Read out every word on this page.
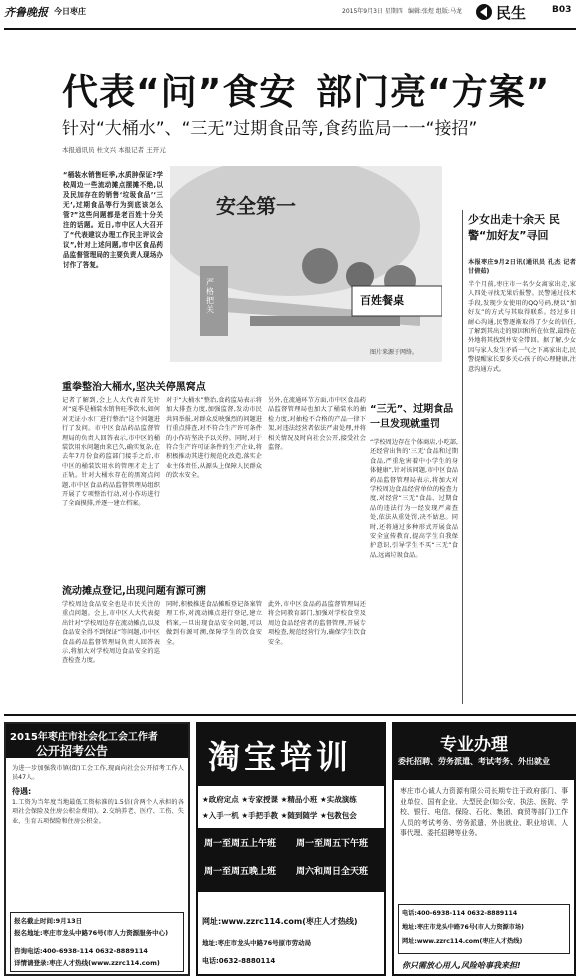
齐鲁晚报 今日枣庄	2015年9月3日 星期四 编辑:张煜 组版:马龙 民生	B03
代表“问”食安 部门亮“方案”
针对“大桶水”、“三无”过期食品等,食药监局一一“接招”
本报通讯员 杜文兴 本报记者 王开元
“桶装水销售旺季,水质肿保证?学校周边一些流动摊点摆摊不绝,以及民加存在的销售‘垃圾食品’‘三无’,过期食品等行为到底该怎么管?”这些问题都是老百姓十分关注的话题。近日,市中区人大召开了“代表建议办理工作民主评议会议”,针对上述问题,市中区食品药品监督管理局的主要负责人现场办讨作了答复。
安全第一
百姓餐桌
严格把关
图片来源于网络。
重拳整治大桶水,坚决关停黑窝点
记者了解到,会上人大代表首先针对“夏季是桶装水销售旺季饮水,如何对无证小水厂进行整治”这个问题进行了发问。市中区食品药品监督管理局的负责人回答表示,市中区的桶装饮用水问题由来已久,确实复杂,在去年7月份食药监部门接手之后,市中区的桶装饮用水的管理才走上了正轨。针对大桶水存在的黑窝点问题,市中区食品药品监督管理局组织开展了专项整治行动,对小作坊进行了全面摸排,并逐一建立档案。
对于“大桶水”整治,食药监局表示将加大排查力度,加强监督,发动市民共同举报,对群众反映强烈的问题进行重点排查,对不符合生产许可条件的小作坊坚决予以关停。同时,对于符合生产许可证条件的生产企业,将积极推动其进行规范化改造,落实企业主体责任,从源头上保障人民群众的饮水安全。
另外,在流通环节方面,市中区食品药品监督管理局也加大了桶装水的抽检力度,对抽检不合格的产品一律下架,对违法经营者依法严肃处理,并将相关情况及时向社会公开,接受社会监督。
流动摊点登记,出现问题有源可溯
学校周边食品安全也是市民关注的重点问题。会上,市中区人大代表提出针对“学校周边存在流动摊点,以及食品安全得不到保证”等问题,市中区食品药品监督管理局负责人回答表示,将加大对学校周边食品安全的巡查检查力度。
同时,积极推进食品摊贩登记备案管理工作,对流动摊点进行登记,建立档案,一旦出现食品安全问题,可以做到有源可溯,保障学生的饮食安全。
此外,市中区食品药品监督管理局还将会同教育部门,加强对学校食堂及周边食品经营者的监督管理,开展专项检查,规范经营行为,确保学生饮食安全。
“三无”、过期食品一旦发现就重罚
“学校周边存在个体商店,小吃部,还经营出售的‘三无’食品和过期食品,严重危害着中小学生的身体健康”,针对该问题,市中区食品药品监督管理局表示,将加大对学校周边食品经营单位的检查力度,对经营“三无”食品、过期食品的违法行为一经发现严肃查处,依法从重处罚,决不姑息。同时,还将通过多种形式开展食品安全宣传教育,提高学生自我保护意识,引导学生不买“三无”食品,远离垃圾食品。
少女出走十余天 民警“加好友”寻回
本报枣庄9月2日讯(通讯员 孔杰 记者 甘倩茹)
半个月前,枣庄市一名少女离家出走,家人四处寻找无果后报警。民警通过技术手段,发现少女使用的QQ号码,便以“加好友”的方式与其取得联系。经过多日耐心沟通,民警逐渐取得了少女的信任,了解到其出走的原因和所在位置,最终在外地将其找到并安全带回。据了解,少女因与家人发生矛盾一气之下离家出走,民警提醒家长要多关心孩子的心理健康,注意沟通方式。
2015年枣庄市社会化工会工作者
公开招考公告
为进一步加强我市镇(街)工会工作,现面向社会公开招考工作人员47人。
待遇:
1.工资为当年度当地最低工资标准的1.5倍(含两个人承担的各项社会保险及住房公积金费用)。2.交纳养老、医疗、工伤、失业、生育五项保险和住房公积金。
报名截止时间:9月13日
报名地址:枣庄市龙头中路76号(市人力资源服务中心)
咨询电话:400-6938-114 0632-8889114
详情请登录:枣庄人才热线(www.zzrc114.com)
淘宝培训
★政府定点 ★专家授课 ★精品小班 ★实战演练
★入手一机 ★手把手教 ★随到随学 ★包教包会
周一至周五上午班 周一至周五下午班
周一至周五晚上班 周六和周日全天班
网址:www.zzrc114.com(枣庄人才热线)
地址:枣庄市龙头中路76号原市劳动局
电话:0632-8880114
专业办理
委托招聘、劳务派遣、考试考务、外出就业
枣庄市心诚人力资源有限公司长期专注于政府部门、事业单位、国有企业、大型民企(如公安、执法、医院、学校、银行、电信、保险、石化、集团、商贸等部门)工作人员的考试考务、劳务派遣、外出就业、职业培训、人事代理、委托招聘等业务。
电话:400-6938-114 0632-8889114
地址:枣庄市龙头中路76号(市人力资源市场)
网址:www.zzrc114.com(枣庄人才热线)
你只需放心用人,风险哈事我来担!
